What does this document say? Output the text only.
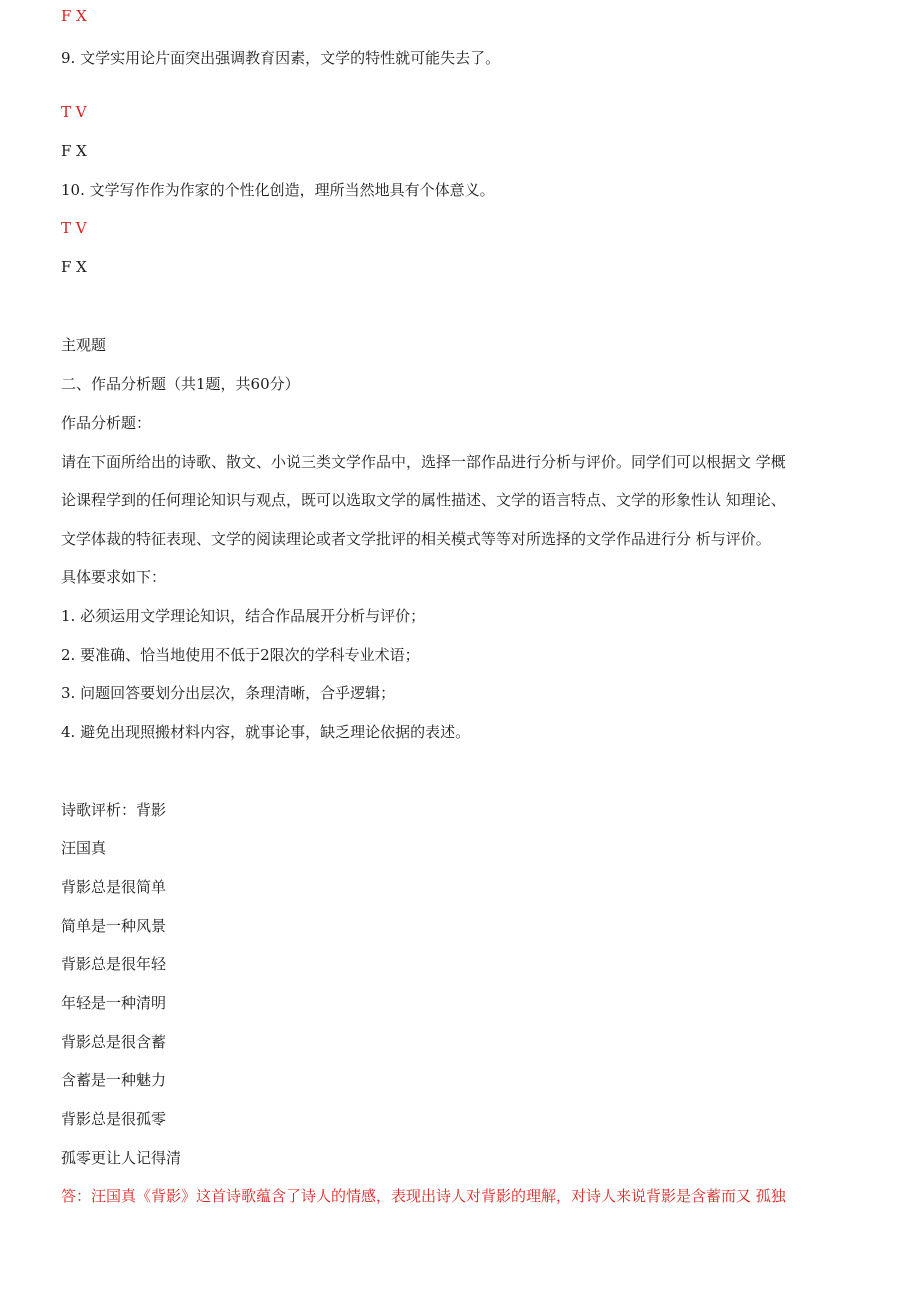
F X
9. 文学实用论片面突出强调教育因素，文学的特性就可能失去了。
T V
F X
10. 文学写作作为作家的个性化创造，理所当然地具有个体意义。
T V
F X
主观题
二、作品分析题（共1题，共60分）
作品分析题：
请在下面所给出的诗歌、散文、小说三类文学作品中，选择一部作品进行分析与评价。同学们可以根据文 学概
论课程学到的任何理论知识与观点，既可以选取文学的属性描述、文学的语言特点、文学的形象性认 知理论、
文学体裁的特征表现、文学的阅读理论或者文学批评的相关模式等等对所选择的文学作品进行分 析与评价。
具体要求如下：
1. 必须运用文学理论知识，结合作品展开分析与评价；
2. 要准确、恰当地使用不低于2限次的学科专业术语；
3. 问题回答要划分出层次，条理清晰，合乎逻辑；
4. 避免出现照搬材料内容，就事论事，缺乏理论依据的表述。
诗歌评析：背影
汪国真
背影总是很简单
简单是一种风景
背影总是很年轻
年轻是一种清明
背影总是很含蓄
含蓄是一种魅力
背影总是很孤零
孤零更让人记得清
答：汪国真《背影》这首诗歌蕴含了诗人的情感，表现出诗人对背影的理解，对诗人来说背影是含蓄而又 孤独
